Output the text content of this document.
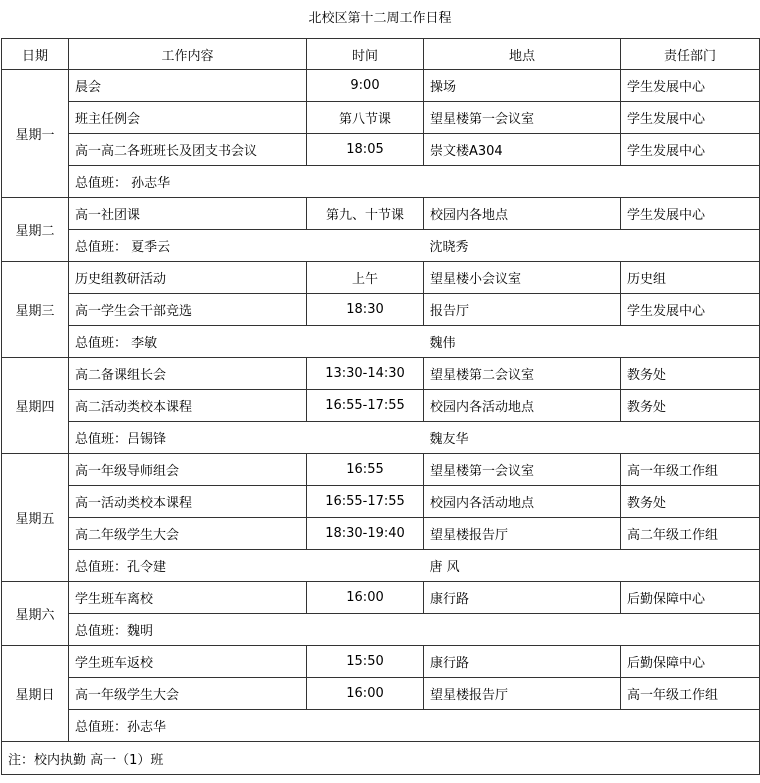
北校区第十二周工作日程
日期	工作内容	时间	地点	责任部门
星期一	晨会	9:00	操场	学生发展中心
	班主任例会	第八节课	望星楼第一会议室	学生发展中心
	高一高二各班班长及团支书会议	18:05	崇文楼A304	学生发展中心
	总值班： 孙志华			
星期二	高一社团课	第九、十节课	校园内各地点	学生发展中心
	总值班： 夏季云		沈晓秀	
星期三	历史组教研活动	上午	望星楼小会议室	历史组
	高一学生会干部竞选	18:30	报告厅	学生发展中心
	总值班： 李敏		魏伟	
星期四	高二备课组长会	13:30-14:30	望星楼第二会议室	教务处
	高二活动类校本课程	16:55-17:55	校园内各活动地点	教务处
	总值班：吕锡锋		魏友华	
星期五	高一年级导师组会	16:55	望星楼第一会议室	高一年级工作组
	高一活动类校本课程	16:55-17:55	校园内各活动地点	教务处
	高二年级学生大会	18:30-19:40	望星楼报告厅	高二年级工作组
	总值班：孔令建		唐 风	
星期六	学生班车离校	16:00	康行路	后勤保障中心
	总值班：魏明			
星期日	学生班车返校	15:50	康行路	后勤保障中心
	高一年级学生大会	16:00	望星楼报告厅	高一年级工作组
	总值班：孙志华			
注：校内执勤 高一（1）班				
